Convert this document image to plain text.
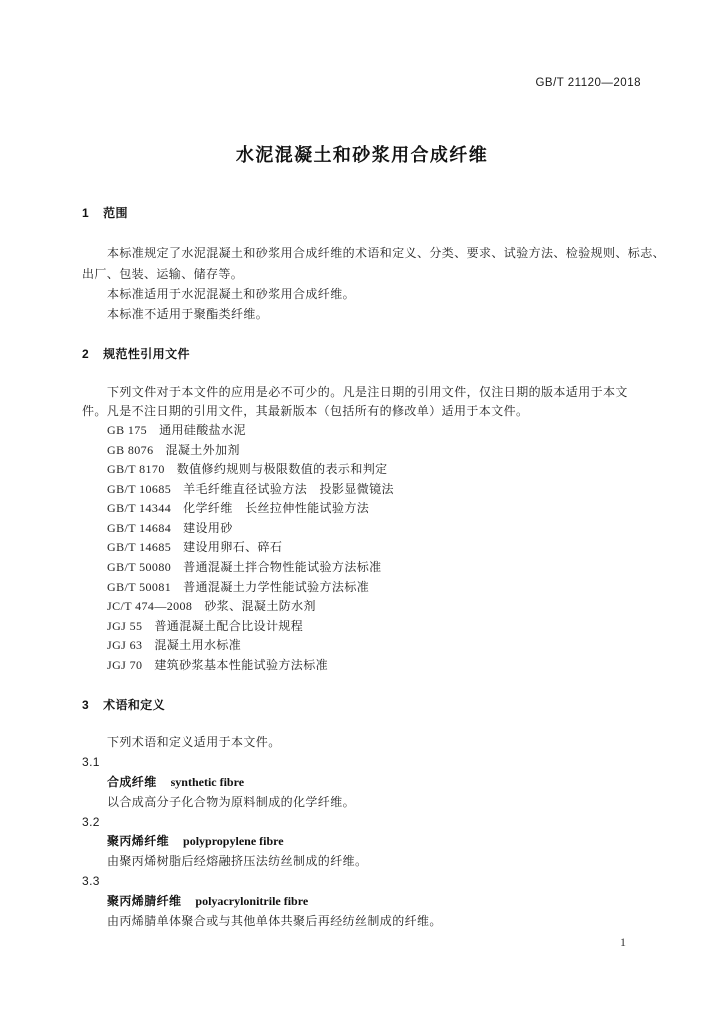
GB/T 21120—2018
水泥混凝土和砂浆用合成纤维
1 范围
本标准规定了水泥混凝土和砂浆用合成纤维的术语和定义、分类、要求、试验方法、检验规则、标志、
出厂、包装、运输、储存等。
本标准适用于水泥混凝土和砂浆用合成纤维。
本标准不适用于聚酯类纤维。
2 规范性引用文件
下列文件对于本文件的应用是必不可少的。凡是注日期的引用文件，仅注日期的版本适用于本文
件。凡是不注日期的引用文件，其最新版本（包括所有的修改单）适用于本文件。
GB 175 通用硅酸盐水泥
GB 8076 混凝土外加剂
GB/T 8170 数值修约规则与极限数值的表示和判定
GB/T 10685 羊毛纤维直径试验方法　投影显微镜法
GB/T 14344 化学纤维　长丝拉伸性能试验方法
GB/T 14684 建设用砂
GB/T 14685 建设用卵石、碎石
GB/T 50080 普通混凝土拌合物性能试验方法标准
GB/T 50081 普通混凝土力学性能试验方法标准
JC/T 474—2008 砂浆、混凝土防水剂
JGJ 55 普通混凝土配合比设计规程
JGJ 63 混凝土用水标准
JGJ 70 建筑砂浆基本性能试验方法标准
3 术语和定义
下列术语和定义适用于本文件。
3.1
合成纤维 synthetic fibre
以合成高分子化合物为原料制成的化学纤维。
3.2
聚丙烯纤维 polypropylene fibre
由聚丙烯树脂后经熔融挤压法纺丝制成的纤维。
3.3
聚丙烯腈纤维 polyacrylonitrile fibre
由丙烯腈单体聚合或与其他单体共聚后再经纺丝制成的纤维。
1
